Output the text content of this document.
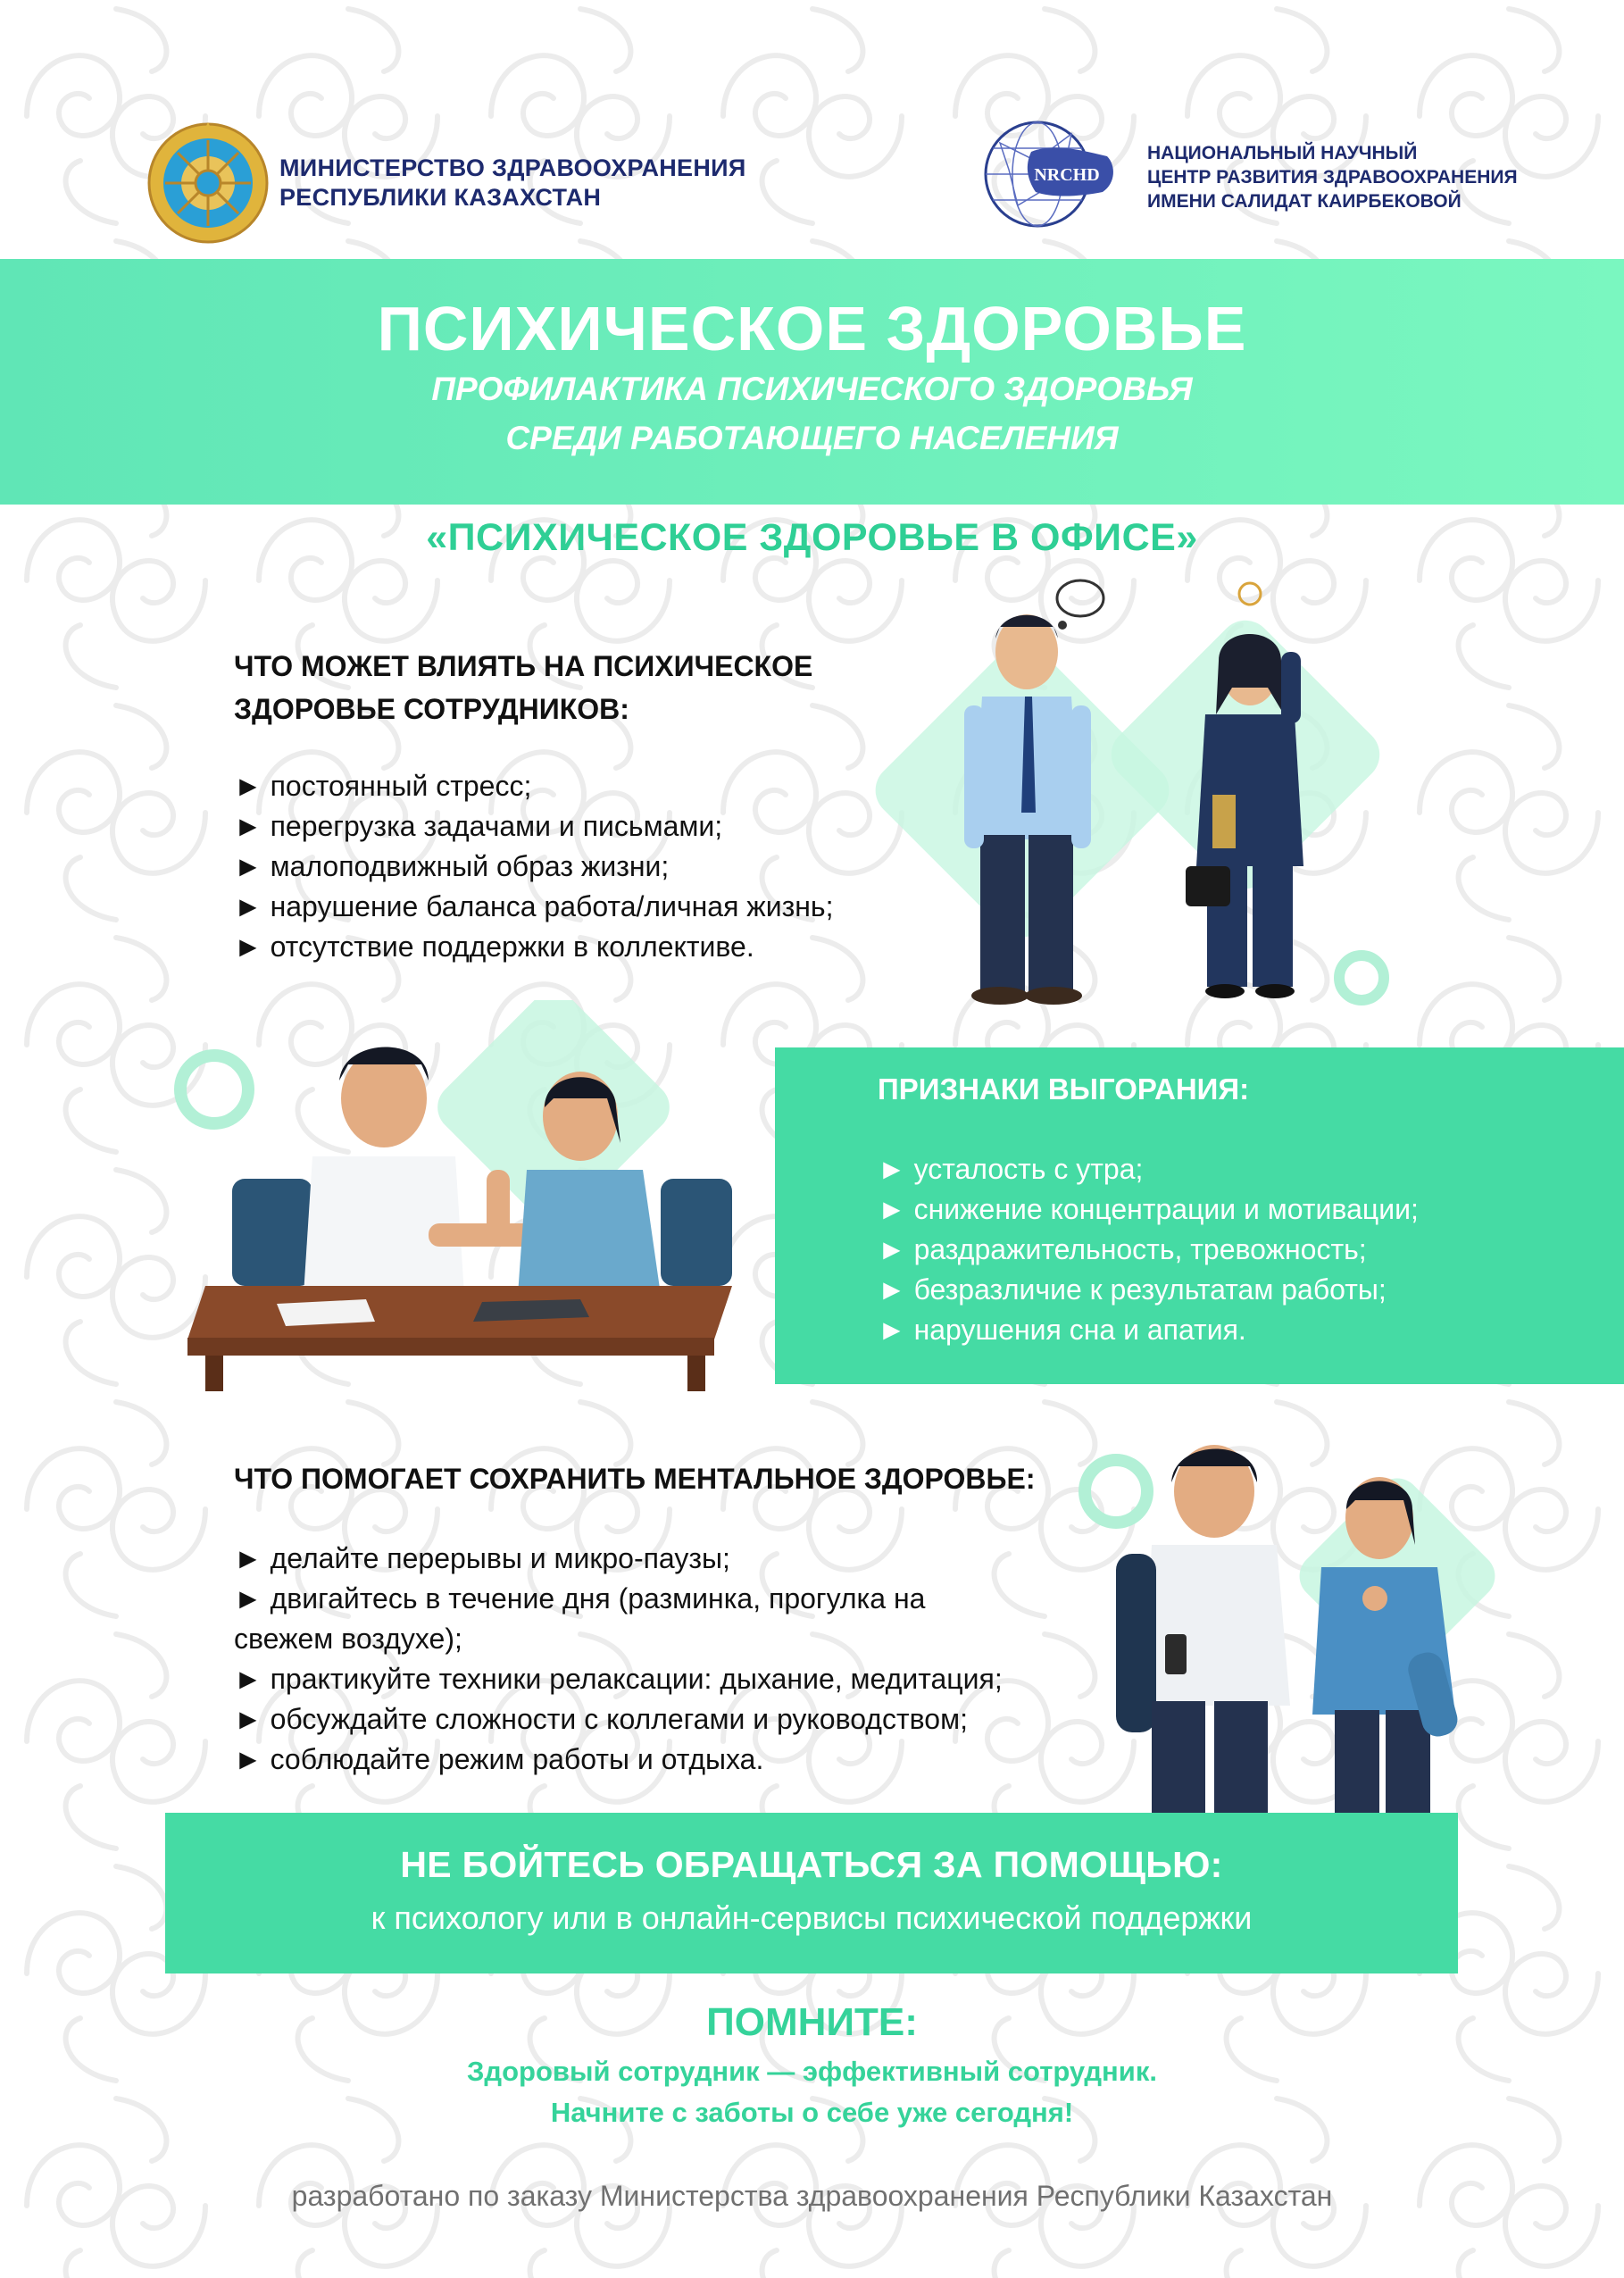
МИНИСТЕРСТВО ЗДРАВООХРАНЕНИЯ
РЕСПУБЛИКИ КАЗАХСТАН
NRCHD
НАЦИОНАЛЬНЫЙ НАУЧНЫЙ
ЦЕНТР РАЗВИТИЯ ЗДРАВООХРАНЕНИЯ
ИМЕНИ САЛИДАТ КАИРБЕКОВОЙ
ПСИХИЧЕСКОЕ ЗДОРОВЬЕ
ПРОФИЛАКТИКА ПСИХИЧЕСКОГО ЗДОРОВЬЯ
СРЕДИ РАБОТАЮЩЕГО НАСЕЛЕНИЯ
«ПСИХИЧЕСКОЕ ЗДОРОВЬЕ В ОФИСЕ»
ЧТО МОЖЕТ ВЛИЯТЬ НА ПСИХИЧЕСКОЕ
ЗДОРОВЬЕ СОТРУДНИКОВ:
► постоянный стресс;
► перегрузка задачами и письмами;
► малоподвижный образ жизни;
► нарушение баланса работа/личная жизнь;
► отсутствие поддержки в коллективе.
ПРИЗНАКИ ВЫГОРАНИЯ:
► усталость с утра;
► снижение концентрации и мотивации;
► раздражительность, тревожность;
► безразличие к результатам работы;
► нарушения сна и апатия.
ЧТО ПОМОГАЕТ СОХРАНИТЬ МЕНТАЛЬНОЕ ЗДОРОВЬЕ:
► делайте перерывы и микро-паузы;
► двигайтесь в течение дня (разминка, прогулка на свежем воздухе);
► практикуйте техники релаксации: дыхание, медитация;
► обсуждайте сложности с коллегами и руководством;
► соблюдайте режим работы и отдыха.
НЕ БОЙТЕСЬ ОБРАЩАТЬСЯ ЗА ПОМОЩЬЮ:
к психологу или в онлайн-сервисы психической поддержки
ПОМНИТЕ:
Здоровый сотрудник — эффективный сотрудник.
Начните с заботы о себе уже сегодня!
разработано по заказу Министерства здравоохранения Республики Казахстан
